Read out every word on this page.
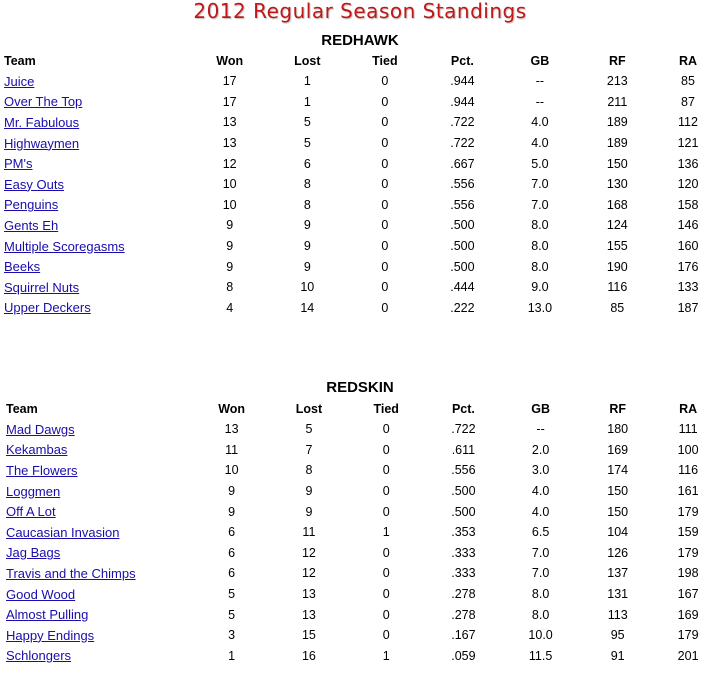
2012 Regular Season Standings
REDHAWK
Team	Won	Lost	Tied	Pct.	GB	RF	RA
Juice	17	1	0	.944	--	213	85
Over The Top	17	1	0	.944	--	211	87
Mr. Fabulous	13	5	0	.722	4.0	189	112
Highwaymen	13	5	0	.722	4.0	189	121
PM's	12	6	0	.667	5.0	150	136
Easy Outs	10	8	0	.556	7.0	130	120
Penguins	10	8	0	.556	7.0	168	158
Gents Eh	9	9	0	.500	8.0	124	146
Multiple Scoregasms	9	9	0	.500	8.0	155	160
Beeks	9	9	0	.500	8.0	190	176
Squirrel Nuts	8	10	0	.444	9.0	116	133
Upper Deckers	4	14	0	.222	13.0	85	187
REDSKIN
Team	Won	Lost	Tied	Pct.	GB	RF	RA
Mad Dawgs	13	5	0	.722	--	180	111
Kekambas	11	7	0	.611	2.0	169	100
The Flowers	10	8	0	.556	3.0	174	116
Loggmen	9	9	0	.500	4.0	150	161
Off A Lot	9	9	0	.500	4.0	150	179
Caucasian Invasion	6	11	1	.353	6.5	104	159
Jag Bags	6	12	0	.333	7.0	126	179
Travis and the Chimps	6	12	0	.333	7.0	137	198
Good Wood	5	13	0	.278	8.0	131	167
Almost Pulling	5	13	0	.278	8.0	113	169
Happy Endings	3	15	0	.167	10.0	95	179
Schlongers	1	16	1	.059	11.5	91	201
